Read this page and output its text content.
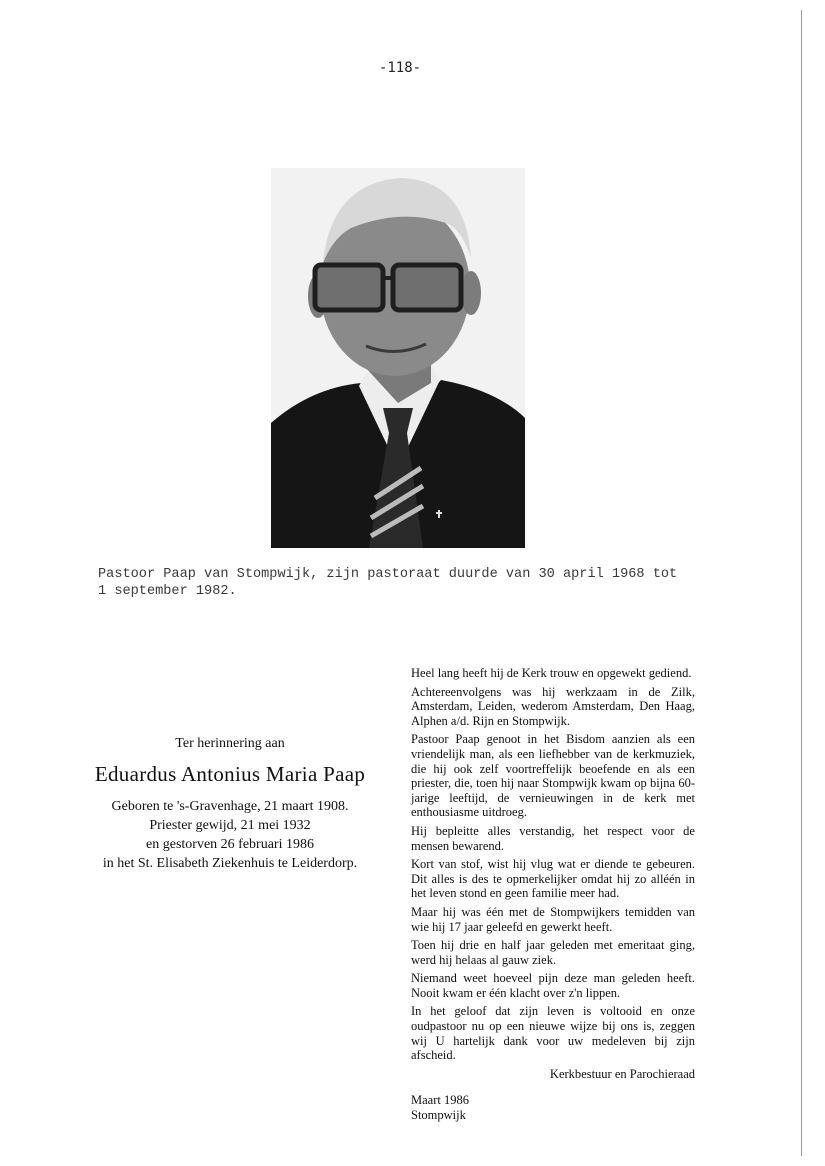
-118-
Pastoor Paap van Stompwijk, zijn pastoraat duurde van 30 april 1968 tot
1 september 1982.
Ter herinnering aan
Eduardus Antonius Maria Paap
Geboren te 's-Gravenhage, 21 maart 1908.
Priester gewijd, 21 mei 1932
en gestorven 26 februari 1986
in het St. Elisabeth Ziekenhuis te Leiderdorp.

Heel lang heeft hij de Kerk trouw en opgewekt gediend.

Achtereenvolgens was hij werkzaam in de Zilk, Amsterdam, Leiden, wederom Amsterdam, Den Haag, Alphen a/d. Rijn en Stompwijk.

Pastoor Paap genoot in het Bisdom aanzien als een vriendelijk man, als een liefhebber van de kerkmuziek, die hij ook zelf voortreffelijk beoefende en als een priester, die, toen hij naar Stompwijk kwam op bijna 60-jarige leeftijd, de vernieuwingen in de kerk met enthousiasme uitdroeg.

Hij bepleitte alles verstandig, het respect voor de mensen bewarend.

Kort van stof, wist hij vlug wat er diende te gebeuren. Dit alles is des te opmerkelijker omdat hij zo alléén in het leven stond en geen familie meer had.

Maar hij was één met de Stompwijkers temidden van wie hij 17 jaar geleefd en gewerkt heeft.

Toen hij drie en half jaar geleden met emeritaat ging, werd hij helaas al gauw ziek.

Niemand weet hoeveel pijn deze man geleden heeft. Nooit kwam er één klacht over z'n lippen.

In het geloof dat zijn leven is voltooid en onze oudpastoor nu op een nieuwe wijze bij ons is, zeggen wij U hartelijk dank voor uw medeleven bij zijn afscheid.

Kerkbestuur en Parochieraad

Maart 1986

Stompwijk
